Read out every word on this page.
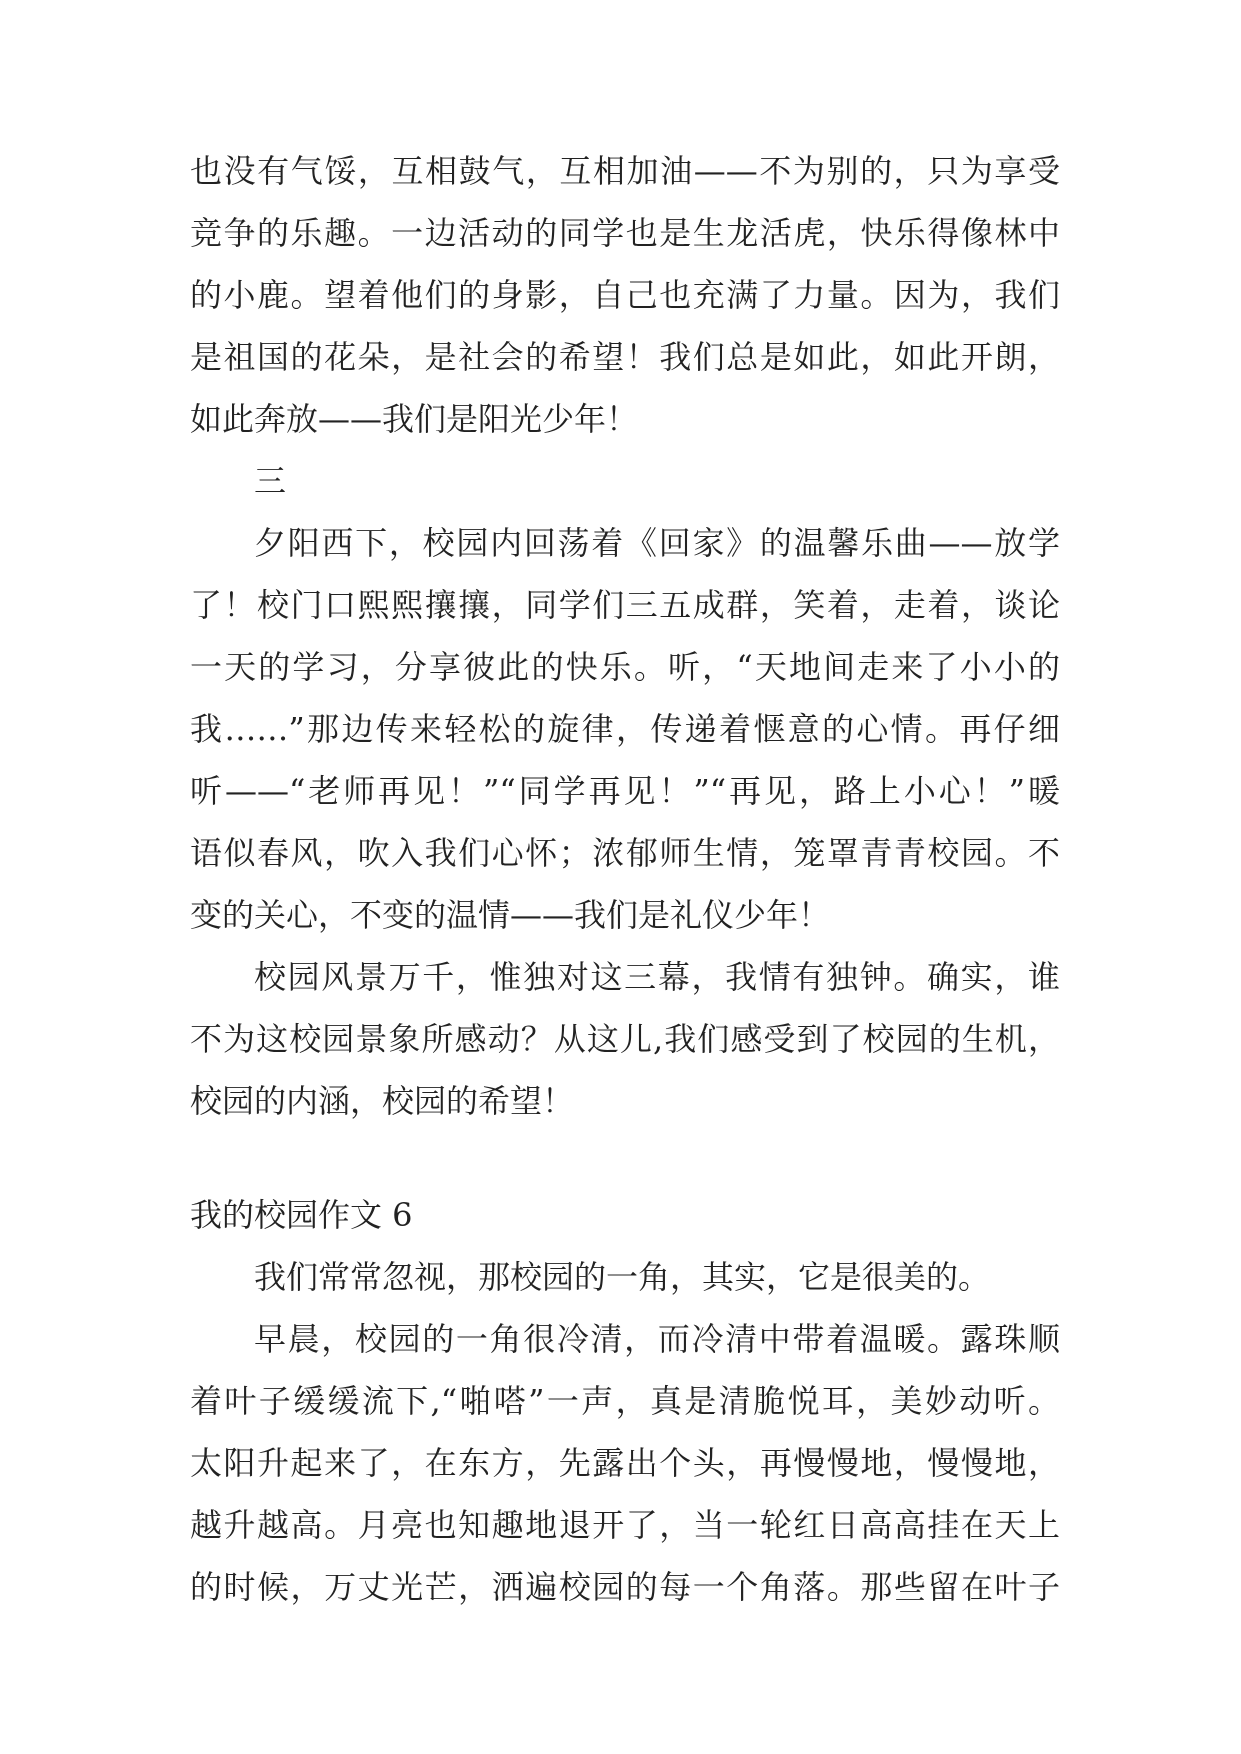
也没有气馁，互相鼓气，互相加油——不为别的，只为享受
竞争的乐趣。一边活动的同学也是生龙活虎，快乐得像林中
的小鹿。望着他们的身影，自己也充满了力量。因为，我们
是祖国的花朵，是社会的希望！我们总是如此，如此开朗，
如此奔放——我们是阳光少年！
三
夕阳西下，校园内回荡着《回家》的温馨乐曲——放学
了！校门口熙熙攘攘，同学们三五成群，笑着，走着，谈论
一天的学习，分享彼此的快乐。听，“天地间走来了小小的
我……”那边传来轻松的旋律，传递着惬意的心情。再仔细
听——“老师再见！”“同学再见！”“再见，路上小心！”暖
语似春风，吹入我们心怀；浓郁师生情，笼罩青青校园。不
变的关心，不变的温情——我们是礼仪少年！
校园风景万千，惟独对这三幕，我情有独钟。确实，谁
不为这校园景象所感动？从这儿,我们感受到了校园的生机，
校园的内涵，校园的希望！
我的校园作文 6
我们常常忽视，那校园的一角，其实，它是很美的。
早晨，校园的一角很冷清，而冷清中带着温暖。露珠顺
着叶子缓缓流下,“啪嗒”一声，真是清脆悦耳，美妙动听。
太阳升起来了，在东方，先露出个头，再慢慢地，慢慢地，
越升越高。月亮也知趣地退开了，当一轮红日高高挂在天上
的时候，万丈光芒，洒遍校园的每一个角落。那些留在叶子
